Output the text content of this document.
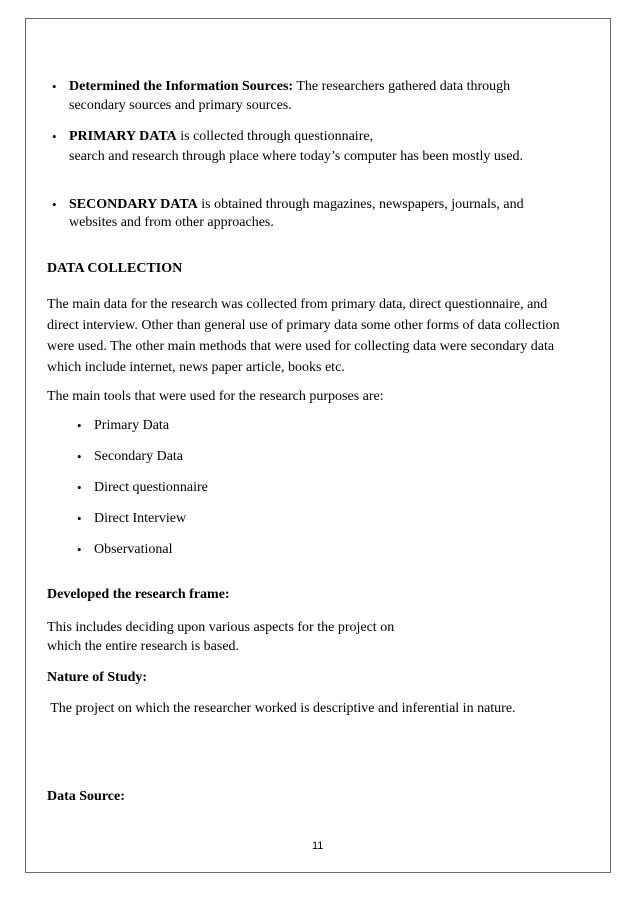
• Determined the Information Sources: The researchers gathered data through
secondary sources and primary sources.
• PRIMARY DATA is collected through questionnaire,
search and research through place where today’s computer has been mostly used.
• SECONDARY DATA is obtained through magazines, newspapers, journals, and
websites and from other approaches.
DATA COLLECTION
The main data for the research was collected from primary data, direct questionnaire, and
direct interview. Other than general use of primary data some other forms of data collection
were used. The other main methods that were used for collecting data were secondary data
which include internet, news paper article, books etc.
The main tools that were used for the research purposes are:
• Primary Data
• Secondary Data
• Direct questionnaire
• Direct Interview
• Observational
Developed the research frame:
This includes deciding upon various aspects for the project on
which the entire research is based.
Nature of Study:
The project on which the researcher worked is descriptive and inferential in nature.
Data Source:
11
